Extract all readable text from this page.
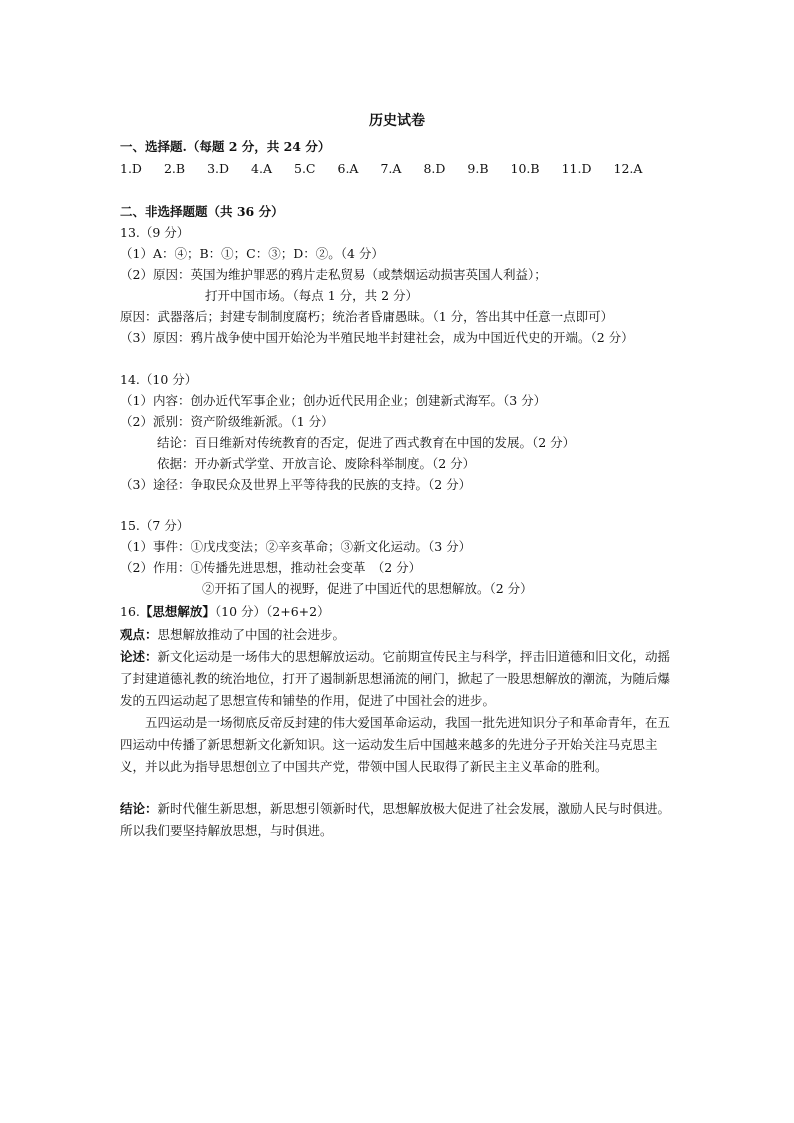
历史试卷
一、选择题.（每题 2 分，共 24 分）
1.D 2.B 3.D 4.A 5.C 6.A 7.A 8.D 9.B 10.B 11.D 12.A
二、非选择题题（共 36 分）
13.（9 分）
（1）A：④；B：①；C：③；D：②。（4 分）
（2）原因：英国为维护罪恶的鸦片走私贸易（或禁烟运动损害英国人利益）；
打开中国市场。（每点 1 分，共 2 分）
原因：武器落后；封建专制制度腐朽；统治者昏庸愚昧。（1 分，答出其中任意一点即可）
（3）原因：鸦片战争使中国开始沦为半殖民地半封建社会，成为中国近代史的开端。（2 分）
14.（10 分）
（1）内容：创办近代军事企业；创办近代民用企业；创建新式海军。（3 分）
（2）派别：资产阶级维新派。（1 分）
结论：百日维新对传统教育的否定，促进了西式教育在中国的发展。（2 分）
依据：开办新式学堂、开放言论、废除科举制度。（2 分）
（3）途径：争取民众及世界上平等待我的民族的支持。（2 分）
15.（7 分）
（1）事件：①戊戌变法；②辛亥革命；③新文化运动。（3 分）
（2）作用：①传播先进思想，推动社会变革　（2 分）
②开拓了国人的视野，促进了中国近代的思想解放。（2 分）
16.【思想解放】（10 分）（2+6+2）
观点：思想解放推动了中国的社会进步。
论述：新文化运动是一场伟大的思想解放运动。它前期宣传民主与科学，抨击旧道德和旧文化，动摇了封建道德礼教的统治地位，打开了遏制新思想涌流的闸门，掀起了一股思想解放的潮流，为随后爆发的五四运动起了思想宣传和铺垫的作用，促进了中国社会的进步。
五四运动是一场彻底反帝反封建的伟大爱国革命运动，我国一批先进知识分子和革命青年，在五四运动中传播了新思想新文化新知识。这一运动发生后中国越来越多的先进分子开始关注马克思主义，并以此为指导思想创立了中国共产党，带领中国人民取得了新民主主义革命的胜利。
结论：新时代催生新思想，新思想引领新时代，思想解放极大促进了社会发展，激励人民与时俱进。所以我们要坚持解放思想，与时俱进。
